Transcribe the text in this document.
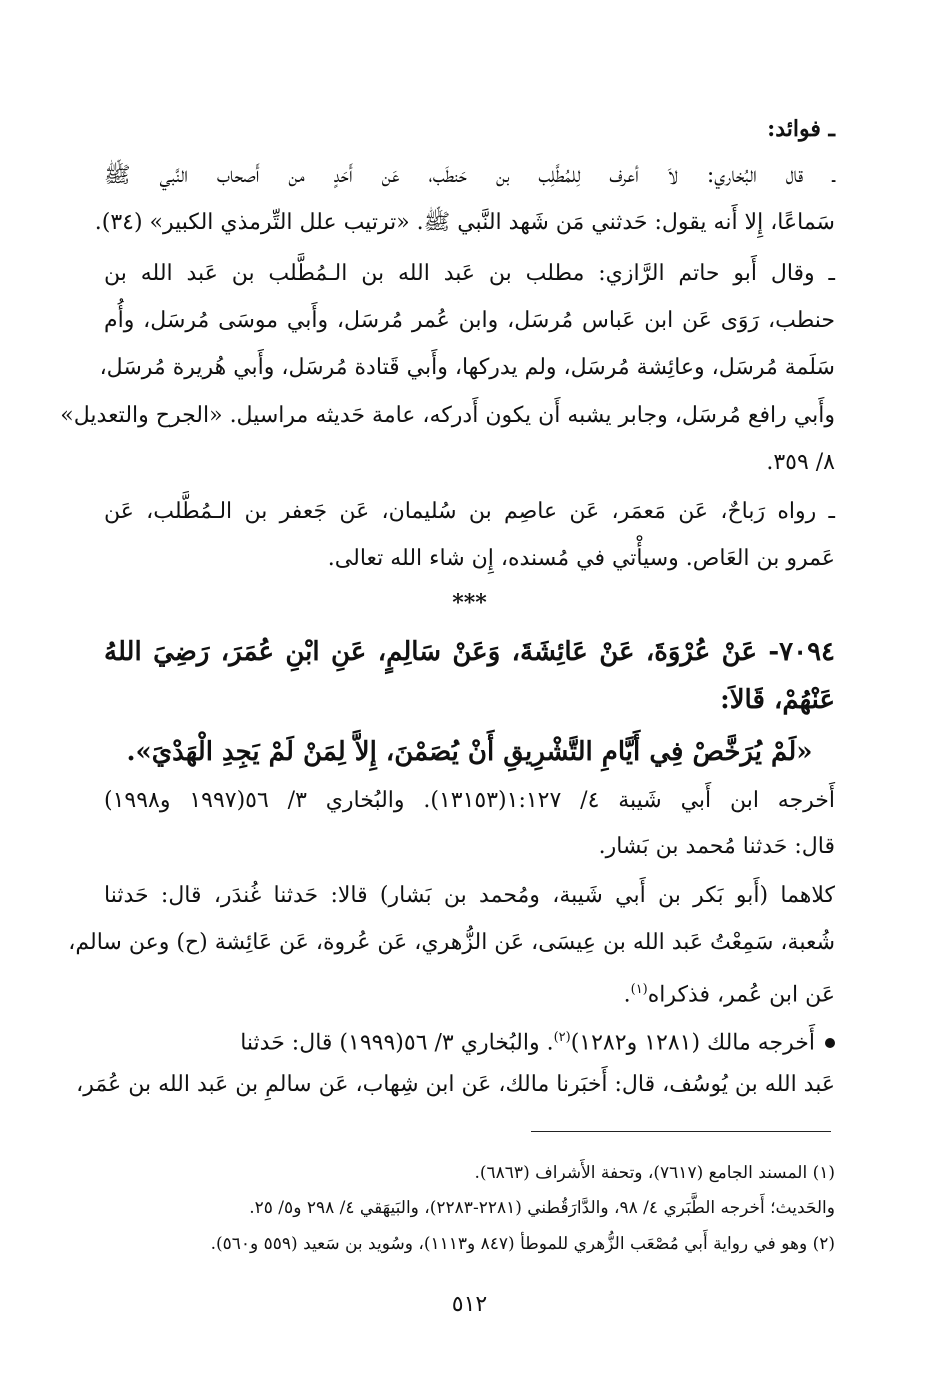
ـ فوائد:
ـ قال البُخاري: لاَ أعرف لِلمُطَّلِب بن حَنطَب، عَن أَحَدٍ من أَصحاب النَّبي ﷺ
سَماعًا، إِلا أَنه يقول: حَدثني مَن شَهد النَّبي ﷺ. «ترتيب علل التِّرمذي الكبير» (٣٤).
ـ وقال أَبو حاتم الرَّازي: مطلب بن عَبد الله بن الـمُطَّلب بن عَبد الله بن
حنطب، رَوَى عَن ابن عَباس مُرسَل، وابن عُمر مُرسَل، وأَبي موسَى مُرسَل، وأُم
سَلَمة مُرسَل، وعائِشة مُرسَل، ولم يدركها، وأَبي قَتادة مُرسَل، وأَبي هُريرة مُرسَل،
وأَبي رافع مُرسَل، وجابر يشبه أَن يكون أَدركه، عامة حَديثه مراسيل. «الجرح والتعديل»
٨/ ٣٥٩.
ـ رواه رَباحٌ، عَن مَعمَر، عَن عاصِم بن سُليمان، عَن جَعفر بن الـمُطَّلب، عَن
عَمرو بن العَاص. وسيأْتي في مُسنده، إِن شاء الله تعالى.
***
٧٠٩٤- عَنْ عُرْوَةَ، عَنْ عَائِشَةَ، وَعَنْ سَالِمٍ، عَنِ ابْنِ عُمَرَ، رَضِيَ اللهُ
عَنْهُمْ، قَالاَ:
«لَمْ يُرَخَّصْ فِي أَيَّامِ التَّشْرِيقِ أَنْ يُصَمْنَ، إِلاَّ لِمَنْ لَمْ يَجِدِ الْهَدْيَ».
أَخرجه ابن أَبي شَيبة ٤/ ١:١٢٧(١٣١٥٣). والبُخاري ٣/ ٥٦(١٩٩٧ و١٩٩٨)
قال: حَدثنا مُحمد بن بَشار.
كلاهما (أَبو بَكر بن أَبي شَيبة، ومُحمد بن بَشار) قالا: حَدثنا غُندَر، قال: حَدثنا
شُعبة، سَمِعْتُ عَبد الله بن عِيسَى، عَن الزُّهري، عَن عُروة، عَن عَائِشة (ح) وعن سالم،
عَن ابن عُمر، فذكراه$^{(١)}$.
أَخرجه مالك (١٢٨١ و١٢٨٢)$^{(٢)}$. والبُخاري ٣/ ٥٦(١٩٩٩) قال: حَدثنا
عَبد الله بن يُوسُف، قال: أَخبَرنا مالك، عَن ابن شِهاب، عَن سالمِ بن عَبد الله بن عُمَر،
(١) المسند الجامع (٧٦١٧)، وتحفة الأَشراف (٦٨٦٣).
والحَديث؛ أَخرجه الطَّبَري ٤/ ٩٨، والدَّارَقُطني (٢٢٨١-٢٢٨٣)، والبَيهَقي ٤/ ٢٩٨ و٥/ ٢٥.
(٢) وهو في رواية أَبي مُصْعَب الزُّهري للموطأ (٨٤٧ و١١١٣)، وسُويد بن سَعيد (٥٥٩ و٥٦٠).
٥١٢
